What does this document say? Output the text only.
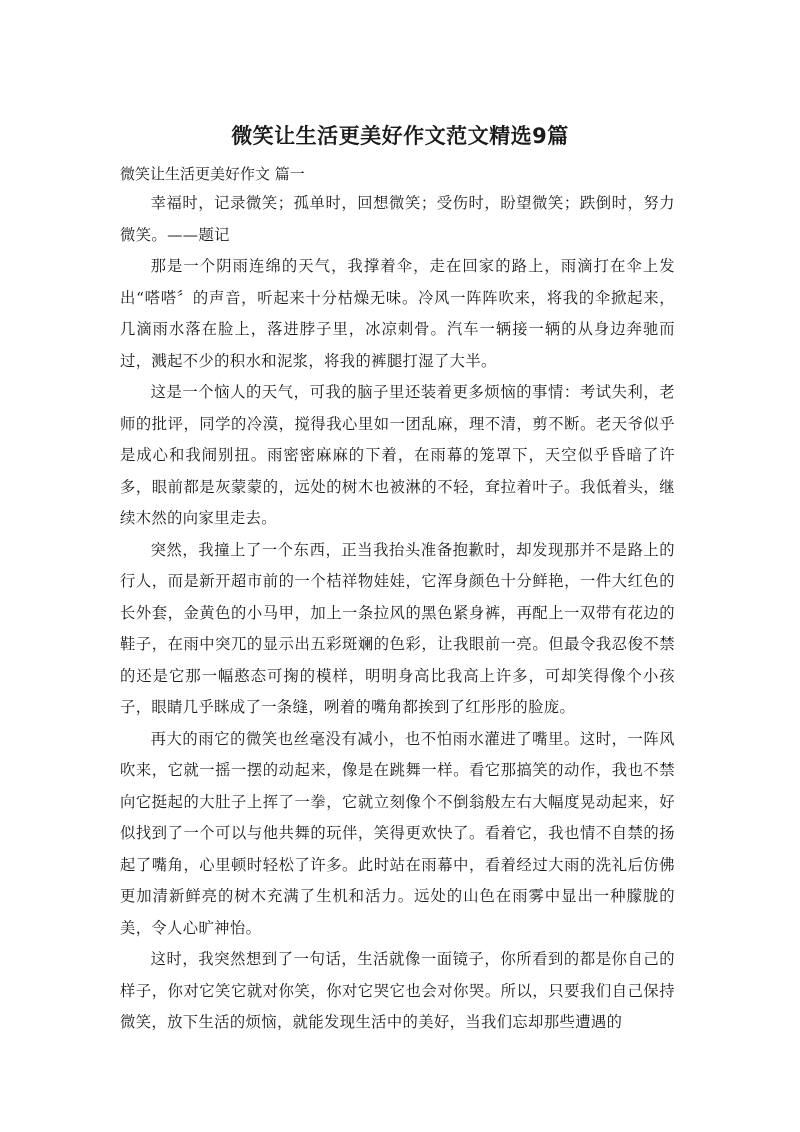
微笑让生活更美好作文范文精选9篇

微笑让生活更美好作文 篇一

幸福时，记录微笑；孤单时，回想微笑；受伤时，盼望微笑；跌倒时，努力微笑。——题记

那是一个阴雨连绵的天气，我撑着伞，走在回家的路上，雨滴打在伞上发出“嗒嗒〞的声音，听起来十分枯燥无味。冷风一阵阵吹来，将我的伞掀起来，几滴雨水落在脸上，落进脖子里，冰凉刺骨。汽车一辆接一辆的从身边奔驰而过，溅起不少的积水和泥浆，将我的裤腿打湿了大半。

这是一个恼人的天气，可我的脑子里还装着更多烦恼的事情：考试失利，老师的批评，同学的冷漠，搅得我心里如一团乱麻，理不清，剪不断。老天爷似乎是成心和我闹别扭。雨密密麻麻的下着，在雨幕的笼罩下，天空似乎昏暗了许多，眼前都是灰蒙蒙的，远处的树木也被淋的不轻，耷拉着叶子。我低着头，继续木然的向家里走去。

突然，我撞上了一个东西，正当我抬头准备抱歉时，却发现那并不是路上的行人，而是新开超市前的一个桔祥物娃娃，它浑身颜色十分鲜艳，一件大红色的长外套，金黄色的小马甲，加上一条拉风的黑色紧身裤，再配上一双带有花边的鞋子，在雨中突兀的显示出五彩斑斓的色彩，让我眼前一亮。但最令我忍俊不禁的还是它那一幅憨态可掬的模样，明明身高比我高上许多，可却笑得像个小孩子，眼睛几乎眯成了一条缝，咧着的嘴角都挨到了红彤彤的脸庞。

再大的雨它的微笑也丝毫没有减小，也不怕雨水灌进了嘴里。这时，一阵风吹来，它就一摇一摆的动起来，像是在跳舞一样。看它那搞笑的动作，我也不禁向它挺起的大肚子上挥了一拳，它就立刻像个不倒翁般左右大幅度晃动起来，好似找到了一个可以与他共舞的玩伴，笑得更欢快了。看着它，我也情不自禁的扬起了嘴角，心里顿时轻松了许多。此时站在雨幕中，看着经过大雨的洗礼后仿佛更加清新鲜亮的树木充满了生机和活力。远处的山色在雨雾中显出一种朦胧的美，令人心旷神怡。

这时，我突然想到了一句话，生活就像一面镜子，你所看到的都是你自己的样子，你对它笑它就对你笑，你对它哭它也会对你哭。所以，只要我们自己保持微笑，放下生活的烦恼，就能发现生活中的美好，当我们忘却那些遭遇的
